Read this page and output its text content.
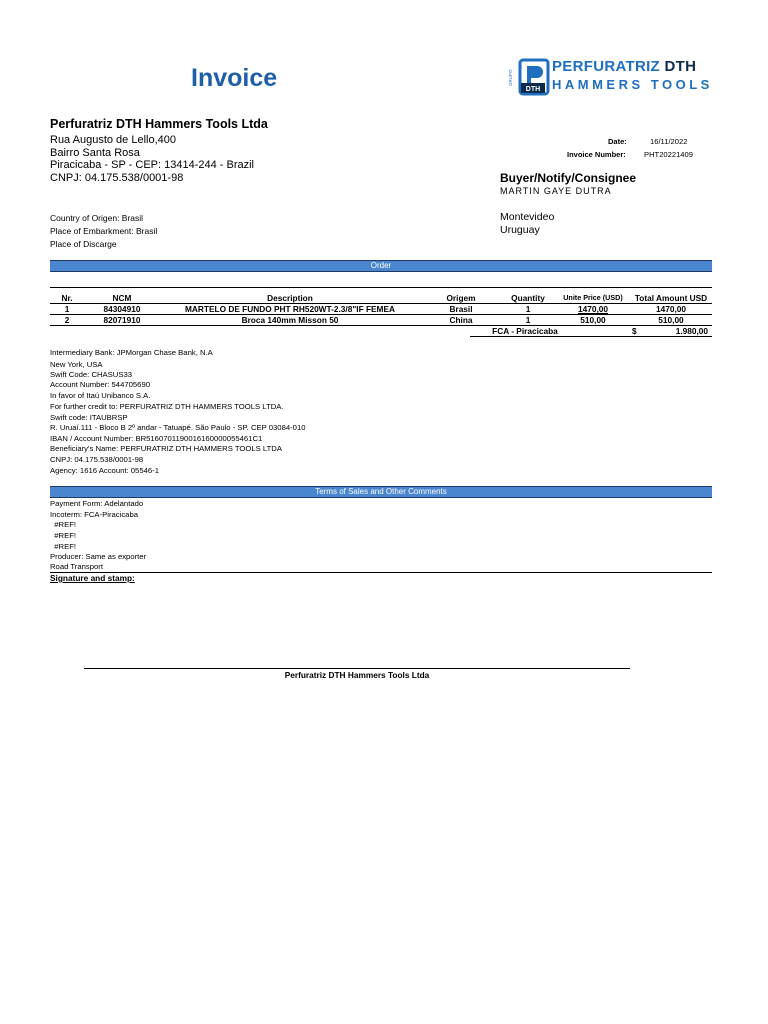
Invoice	DTH
GRUPO
PERFURATRIZ DTH
HAMMERS TOOLS
Perfuratriz DTH Hammers Tools Ltda
Rua Augusto de Lello,400
Bairro Santa Rosa
Piracicaba - SP - CEP: 13414-244 - Brazil
CNPJ: 04.175.538/0001-98
Date:	16/11/2022
Invoice Number: PHT20221409
Buyer/Notify/Consignee
MARTIN GAYE DUTRA
Montevideo
Uruguay
Country of Origen: Brasil
Place of Embarkment: Brasil
Place of Discarge
Order
Nr.	NCM	Description	Origem	Quantity	Unite Price (USD)	Total Amount USD
1	84304910	MARTELO DE FUNDO PHT RH520WT-2.3/8"IF FEMEA	Brasil	1	1470,00	1470,00
2	82071910	Broca 140mm Misson 50	China	1	510,00	510,00
FCA - Piracicaba	$	1.980,00
Intermediary Bank: JPMorgan Chase Bank, N.A
New York, USA
Swift Code: CHASUS33
Account Number: 544705690
In favor of Itaú Unibanco S.A.
For further credit to: PERFURATRIZ DTH HAMMERS TOOLS LTDA.
Swift code: ITAUBRSP
R. Uruaí.111 - Bloco B 2º andar - Tatuapé. São Paulo - SP. CEP 03084-010
IBAN / Account Number: BR5160701190016160000055461C1
Beneficiary's Name: PERFURATRIZ DTH HAMMERS TOOLS LTDA
CNPJ: 04.175.538/0001-98
Agency: 1616 Account: 05546-1
Terms of Sales and Other Comments
Payment Form: Adelantado
Incoterm: FCA-Piracicaba
#REF!
#REF!
#REF!
Producer: Same as exporter
Road Transport
Signature and stamp:
Perfuratriz DTH Hammers Tools Ltda
